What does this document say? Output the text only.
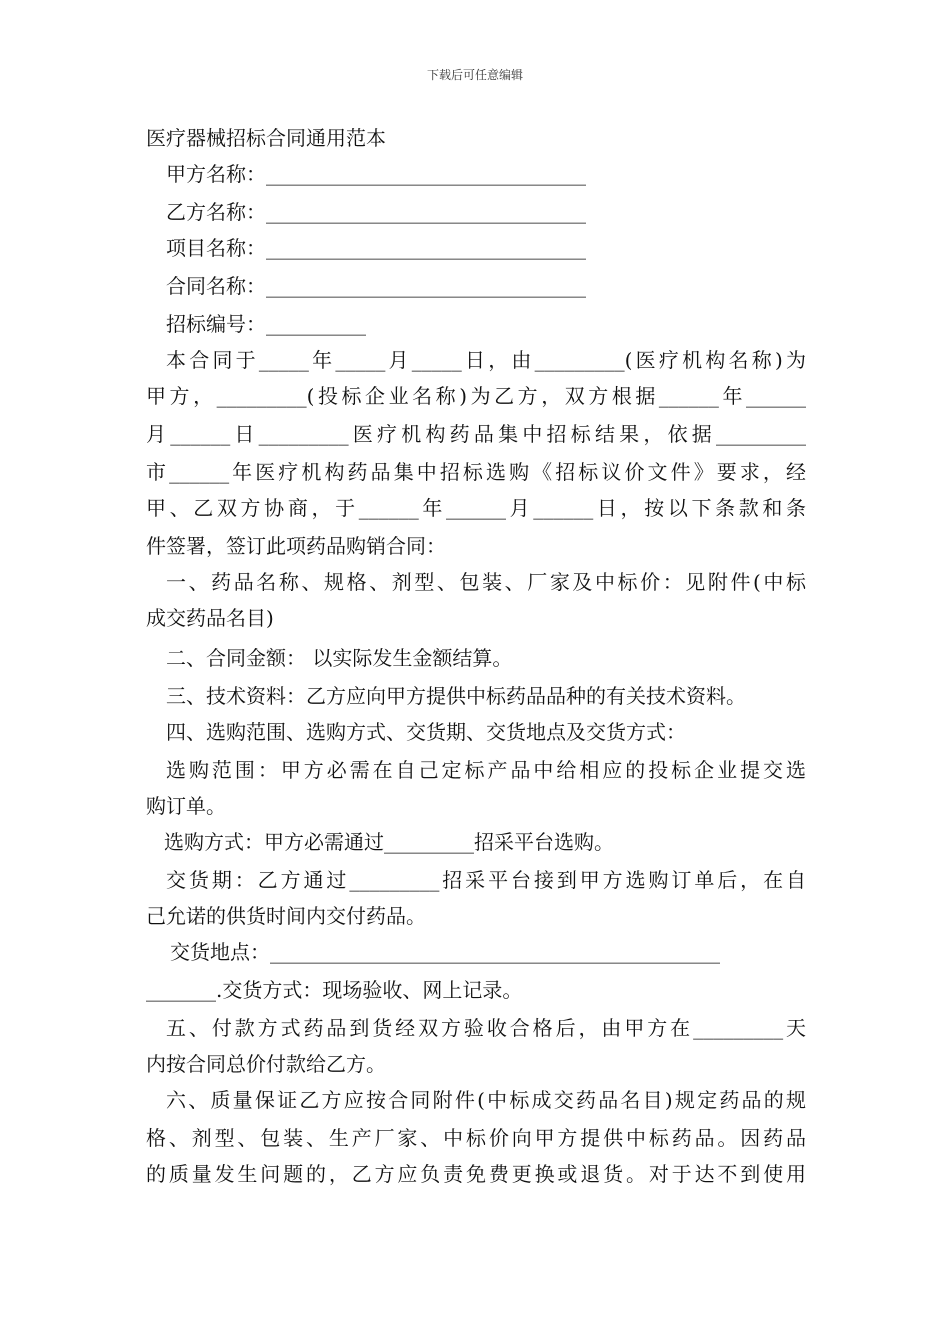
下载后可任意编辑
医疗器械招标合同通用范本
甲方名称：________________________________
乙方名称：________________________________
项目名称：________________________________
合同名称：________________________________
招标编号：__________
本合同于_____年_____月_____日，由_________(医疗机构名称)为
甲方，_________(投标企业名称)为乙方，双方根据______年______
月______日_________医疗机构药品集中招标结果，依据_________
市______年医疗机构药品集中招标选购《招标议价文件》要求，经
甲、乙双方协商，于______年______月______日，按以下条款和条
件签署，签订此项药品购销合同：
一、药品名称、规格、剂型、包装、厂家及中标价：见附件(中标
成交药品名目)
二、合同金额： 以实际发生金额结算。
三、技术资料：乙方应向甲方提供中标药品品种的有关技术资料。
四、选购范围、选购方式、交货期、交货地点及交货方式：
选购范围：甲方必需在自己定标产品中给相应的投标企业提交选
购订单。
选购方式：甲方必需通过_________招采平台选购。
交货期：乙方通过_________招采平台接到甲方选购订单后，在自
己允诺的供货时间内交付药品。
交货地点：_____________________________________________
_______.交货方式：现场验收、网上记录。
五、付款方式药品到货经双方验收合格后，由甲方在_________天
内按合同总价付款给乙方。
六、质量保证乙方应按合同附件(中标成交药品名目)规定药品的规
格、剂型、包装、生产厂家、中标价向甲方提供中标药品。因药品
的质量发生问题的，乙方应负责免费更换或退货。对于达不到使用
